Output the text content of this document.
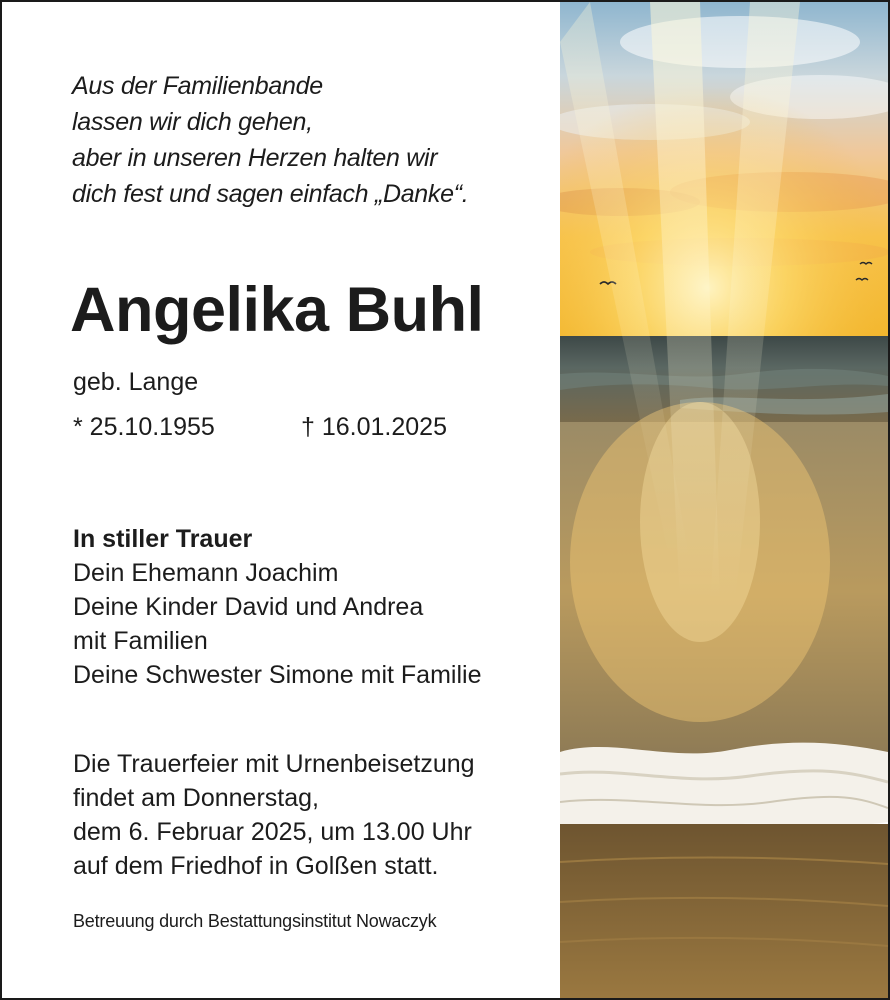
Aus der Familienbande
lassen wir dich gehen,
aber in unseren Herzen halten wir
dich fest und sagen einfach „Danke“.
Angelika Buhl
geb. Lange
* 25.10.1955	† 16.01.2025
In stiller Trauer
Dein Ehemann Joachim
Deine Kinder David und Andrea
mit Familien
Deine Schwester Simone mit Familie
Die Trauerfeier mit Urnenbeisetzung
findet am Donnerstag,
dem 6. Februar 2025, um 13.00 Uhr
auf dem Friedhof in Golßen statt.
Betreuung durch Bestattungsinstitut Nowaczyk
